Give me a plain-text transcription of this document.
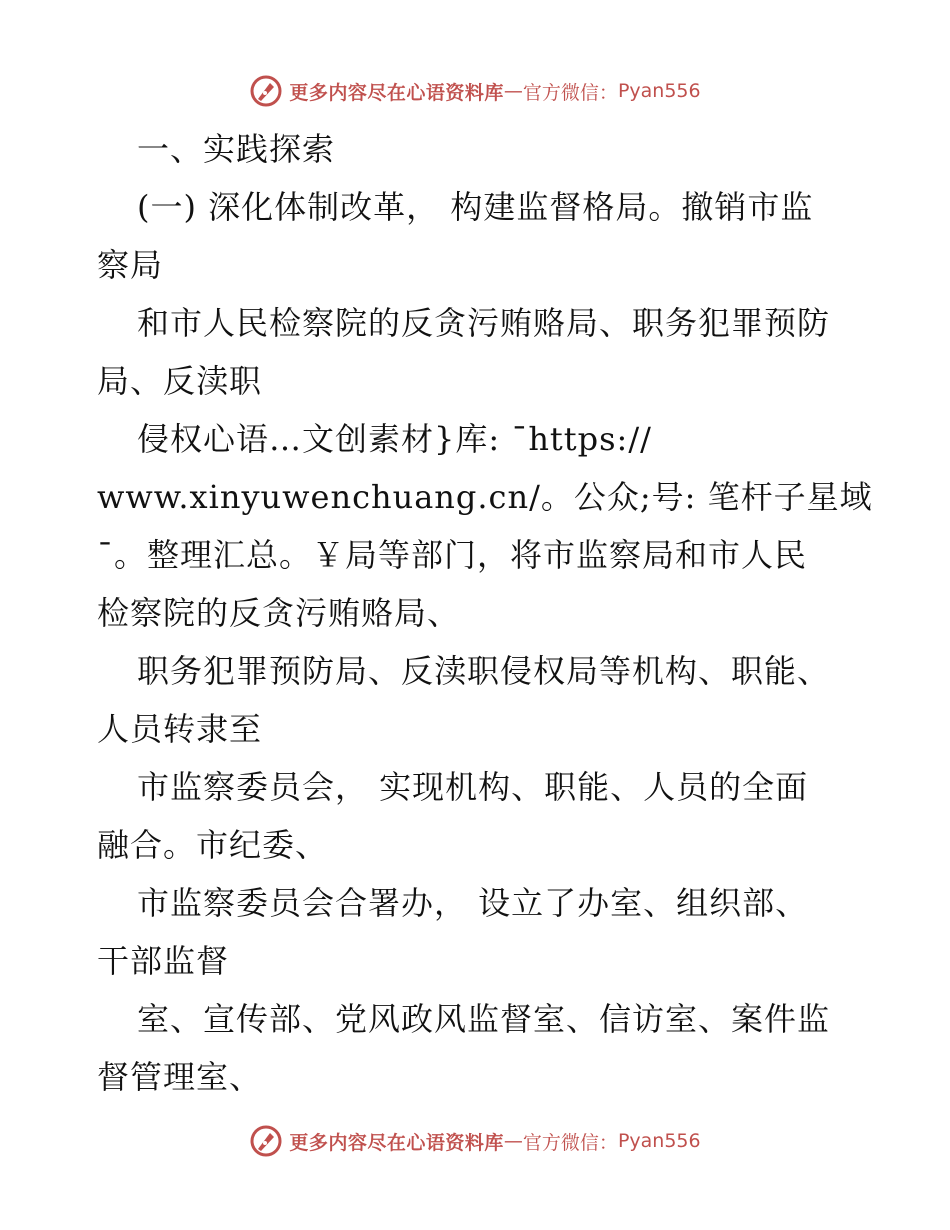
更多内容尽在心语资料库 — 官方微信： Pyan556

一、实践探索

(一) 深化体制改革， 构建监督格局。撤销市监

察局

和市人民检察院的反贪污贿赂局、职务犯罪预防

局、反渎职

侵权心语…文创素材}库: ¯https://

www.xinyuwenchuang.cn/。公众;号: 笔杆子星域

¯。整理汇总。￥局等部门，将市监察局和市人民

检察院的反贪污贿赂局、

职务犯罪预防局、反渎职侵权局等机构、职能、

人员转隶至

市监察委员会， 实现机构、职能、人员的全面

融合。市纪委、

市监察委员会合署办， 设立了办室、组织部、

干部监督

室、宣传部、党风政风监督室、信访室、案件监

督管理室、

更多内容尽在心语资料库 — 官方微信： Pyan556
